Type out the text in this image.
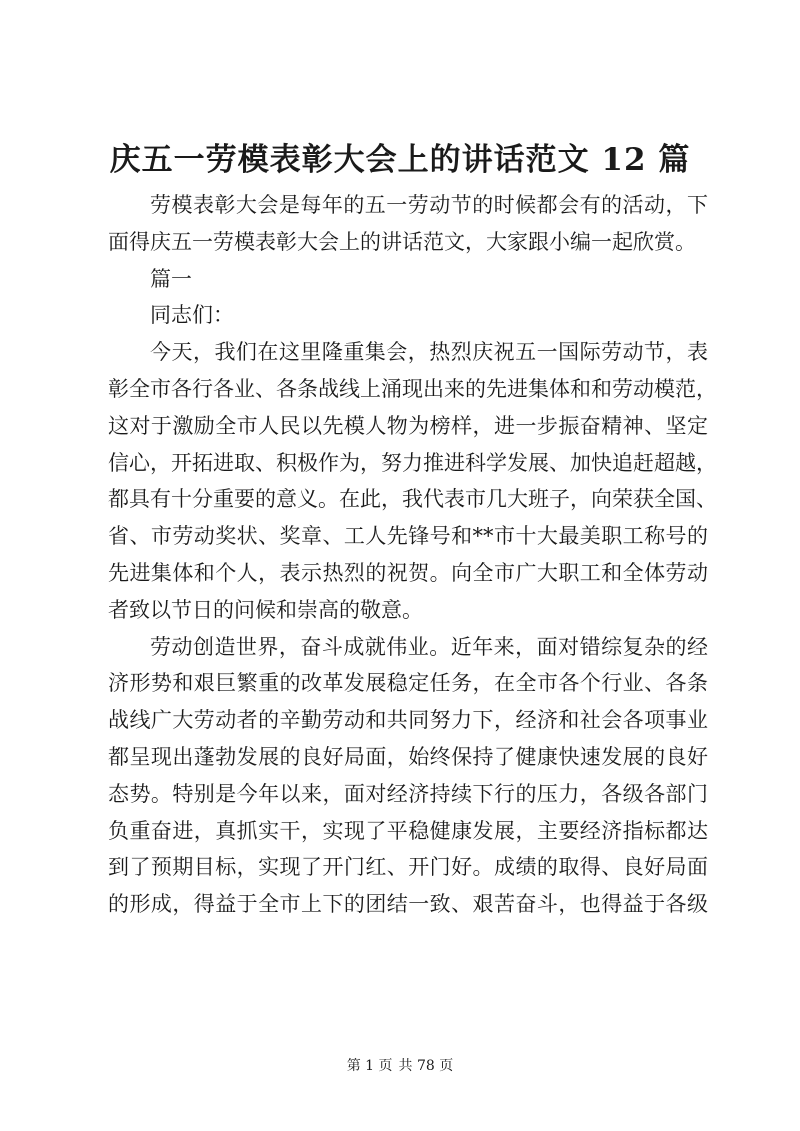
庆五一劳模表彰大会上的讲话范文 12 篇
劳模表彰大会是每年的五一劳动节的时候都会有的活动，下
面得庆五一劳模表彰大会上的讲话范文，大家跟小编一起欣赏。
篇一
同志们：
今天，我们在这里隆重集会，热烈庆祝五一国际劳动节，表
彰全市各行各业、各条战线上涌现出来的先进集体和和劳动模范，
这对于激励全市人民以先模人物为榜样，进一步振奋精神、坚定
信心，开拓进取、积极作为，努力推进科学发展、加快追赶超越，
都具有十分重要的意义。在此，我代表市几大班子，向荣获全国、
省、市劳动奖状、奖章、工人先锋号和**市十大最美职工称号的
先进集体和个人，表示热烈的祝贺。向全市广大职工和全体劳动
者致以节日的问候和崇高的敬意。
劳动创造世界，奋斗成就伟业。近年来，面对错综复杂的经
济形势和艰巨繁重的改革发展稳定任务，在全市各个行业、各条
战线广大劳动者的辛勤劳动和共同努力下，经济和社会各项事业
都呈现出蓬勃发展的良好局面，始终保持了健康快速发展的良好
态势。特别是今年以来，面对经济持续下行的压力，各级各部门
负重奋进，真抓实干，实现了平稳健康发展，主要经济指标都达
到了预期目标，实现了开门红、开门好。成绩的取得、良好局面
的形成，得益于全市上下的团结一致、艰苦奋斗，也得益于各级
第 1 页 共 78 页
